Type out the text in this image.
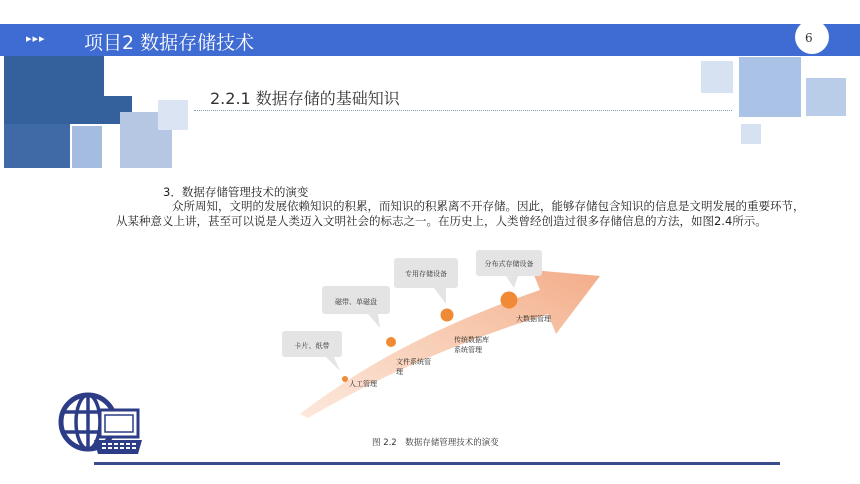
▸▸▸ 项目2 数据存储技术	6
2.2.1 数据存储的基础知识
3．数据存储管理技术的演变
众所周知，文明的发展依赖知识的积累，而知识的积累离不开存储。因此，能够存储包含知识的信息是文明发展的重要环节，从某种意义上讲，甚至可以说是人类迈入文明社会的标志之一。在历史上，人类曾经创造过很多存储信息的方法，如图2.4所示。
卡片、纸带
磁带、单磁盘
专用存储设备
分布式存储设备
人工管理
文件系统管理
传统数据库系统管理
大数据管理
图 2.2　数据存储管理技术的演变
